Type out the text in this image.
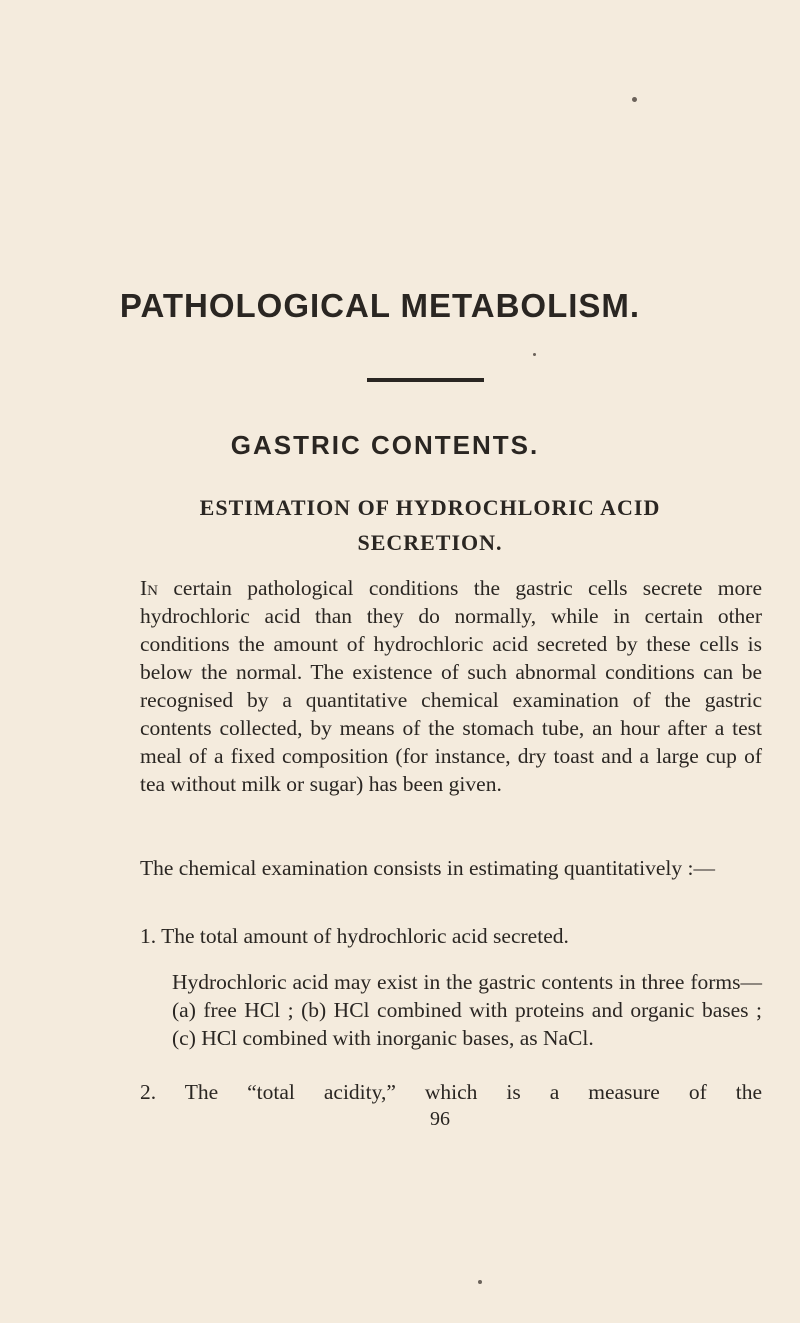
PATHOLOGICAL METABOLISM.
GASTRIC CONTENTS.
ESTIMATION OF HYDROCHLORIC ACID
SECRETION.

In certain pathological conditions the gastric cells secrete more hydrochloric acid than they do normally, while in certain other conditions the amount of hydrochloric acid secreted by these cells is below the normal. The existence of such abnormal conditions can be recognised by a quantitative chemical examination of the gastric contents collected, by means of the stomach tube, an hour after a test meal of a fixed composition (for instance, dry toast and a large cup of tea without milk or sugar) has been given.

The chemical examination consists in estimating quantitatively :—

1. The total amount of hydrochloric acid secreted.

Hydrochloric acid may exist in the gastric contents in three forms—(a) free HCl ; (b) HCl combined with proteins and organic bases ; (c) HCl combined with inorganic bases, as NaCl.

2. The “total acidity,” which is a measure of the

96
